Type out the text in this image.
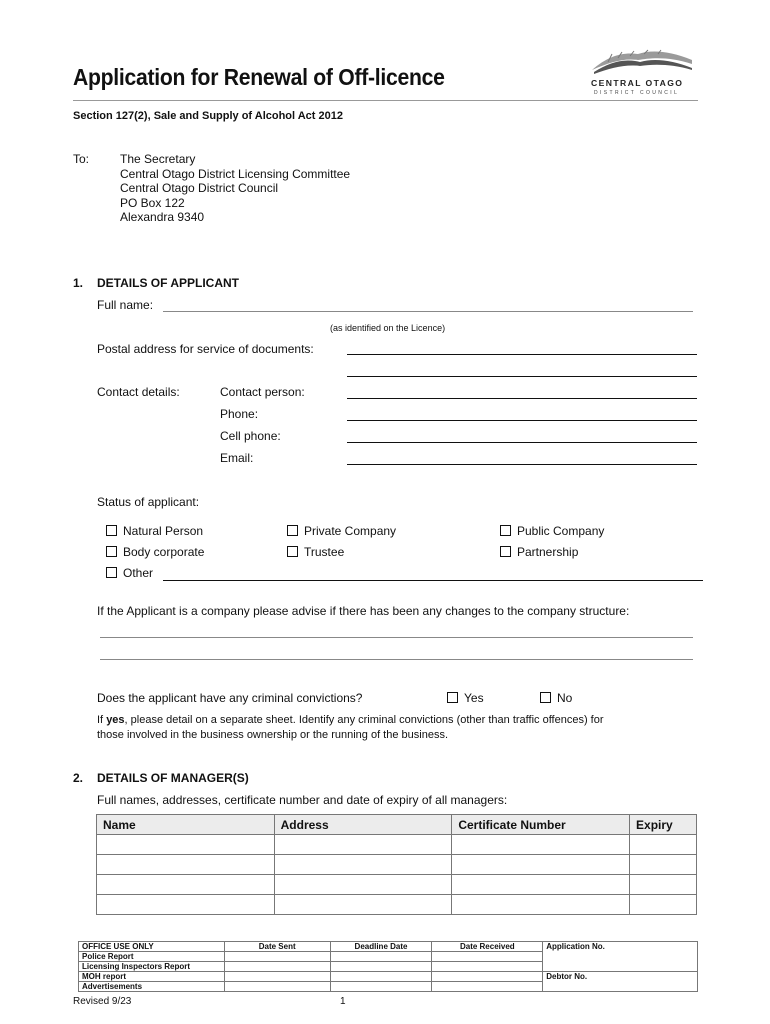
Application for Renewal of Off-licence	CENTRAL OTAGO
DISTRICT COUNCIL
Section 127(2), Sale and Supply of Alcohol Act 2012
To:	The Secretary
Central Otago District Licensing Committee
Central Otago District Council
PO Box 122
Alexandra 9340
1. DETAILS OF APPLICANT
Full name:
(as identified on the Licence)
Postal address for service of documents:
Contact details:	Contact person:
Phone:
Cell phone:
Email:
Status of applicant:
Natural Person	Private Company	Public Company
Body corporate	Trustee	Partnership
Other
If the Applicant is a company please advise if there has been any changes to the company structure:
Does the applicant have any criminal convictions?	Yes	No
If yes, please detail on a separate sheet. Identify any criminal convictions (other than traffic offences) for
those involved in the business ownership or the running of the business.
2. DETAILS OF MANAGER(S)
Full names, addresses, certificate number and date of expiry of all managers:
Name	Address	Certificate Number	Expiry

OFFICE USE ONLY	Date Sent	Deadline Date	Date Received	Application No.
Police Report				
Licensing Inspectors Report				
MOH report				Debtor No.
Advertisements				
Revised 9/23	1
